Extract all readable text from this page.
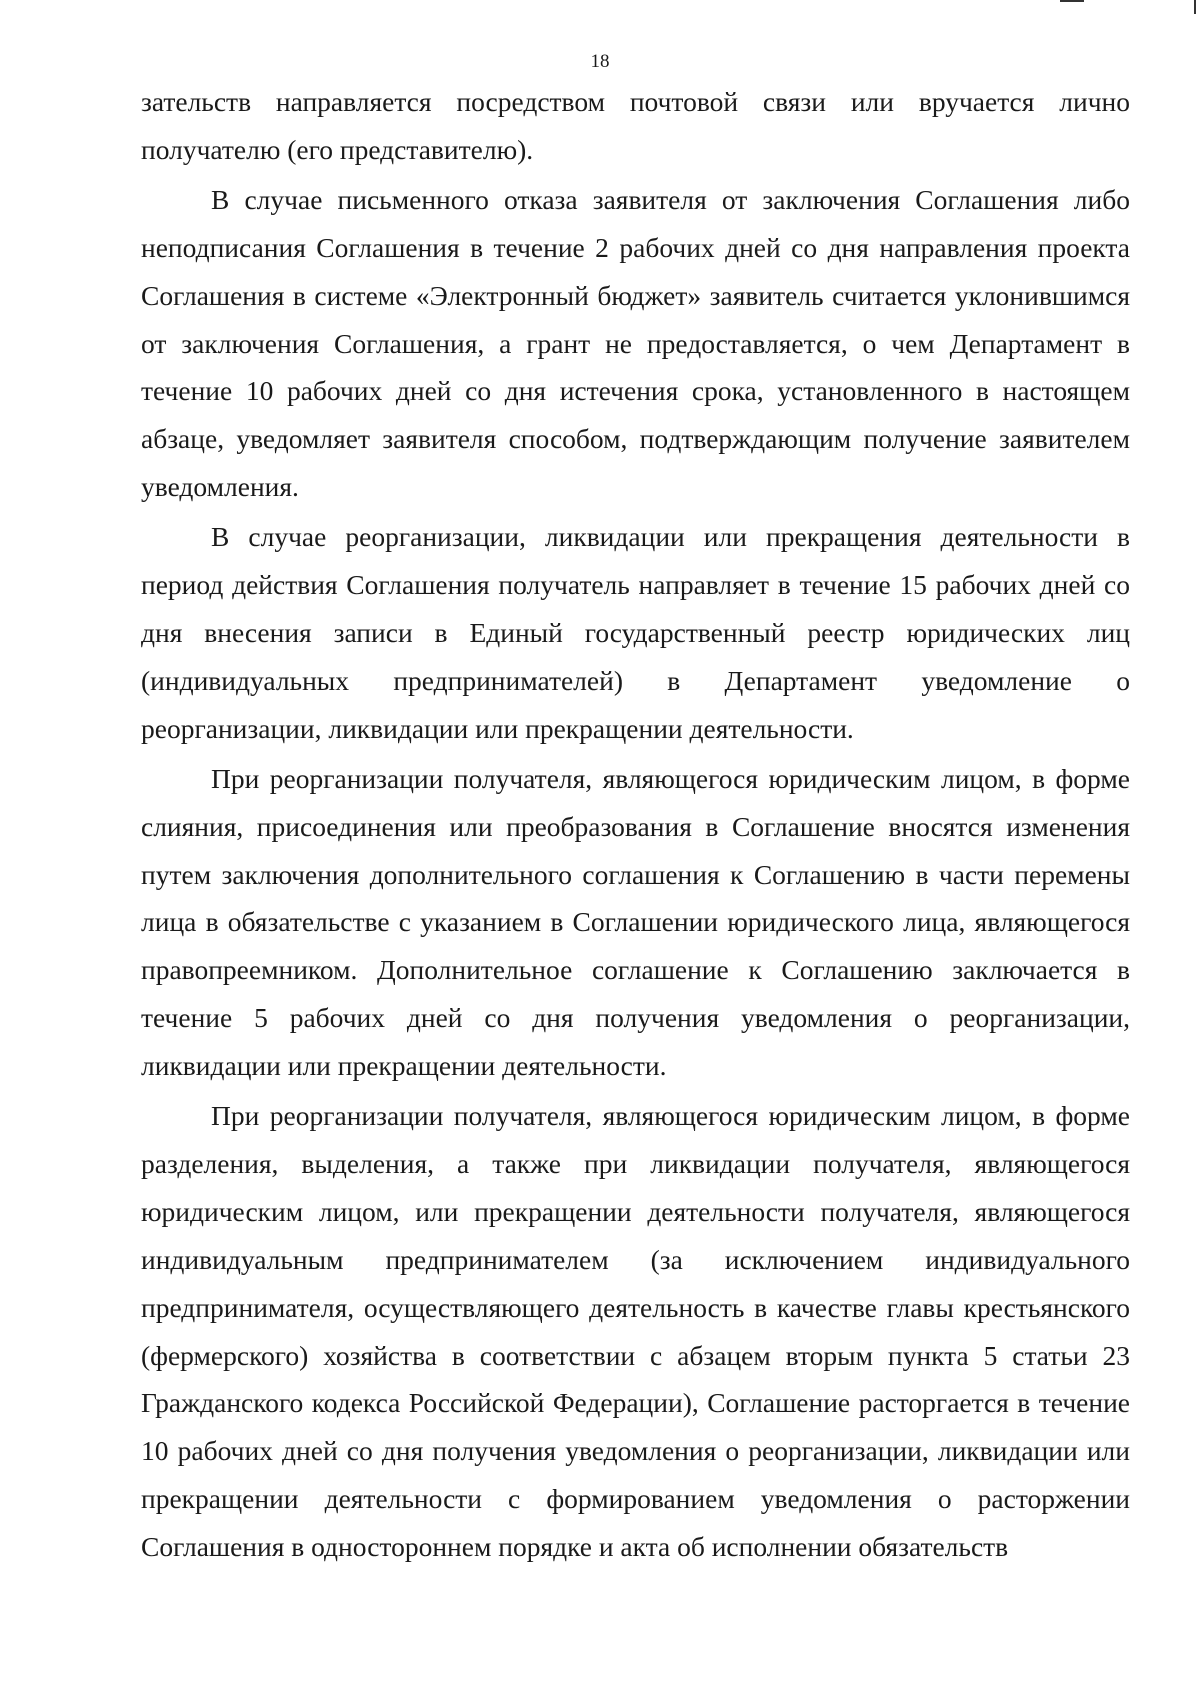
18

зательств направляется посредством почтовой связи или вручается лично получателю (его представителю).

В случае письменного отказа заявителя от заключения Соглашения либо неподписания Соглашения в течение 2 рабочих дней со дня направления проекта Соглашения в системе «Электронный бюджет» заявитель считается уклонившимся от заключения Соглашения, а грант не предоставляется, о чем Департамент в течение 10 рабочих дней со дня истечения срока, установленного в настоящем абзаце, уведомляет заявителя способом, подтверждающим получение заявителем уведомления.

В случае реорганизации, ликвидации или прекращения деятельности в период действия Соглашения получатель направляет в течение 15 рабочих дней со дня внесения записи в Единый государственный реестр юридических лиц (индивидуальных предпринимателей) в Департамент уведомление о реорганизации, ликвидации или прекращении деятельности.

При реорганизации получателя, являющегося юридическим лицом, в форме слияния, присоединения или преобразования в Соглашение вносятся изменения путем заключения дополнительного соглашения к Соглашению в части перемены лица в обязательстве с указанием в Соглашении юридического лица, являющегося правопреемником. Дополнительное соглашение к Соглашению заключается в течение 5 рабочих дней со дня получения уведомления о реорганизации, ликвидации или прекращении деятельности.

При реорганизации получателя, являющегося юридическим лицом, в форме разделения, выделения, а также при ликвидации получателя, являющегося юридическим лицом, или прекращении деятельности получателя, являющегося индивидуальным предпринимателем (за исключением индивидуального предпринимателя, осуществляющего деятельность в качестве главы крестьянского (фермерского) хозяйства в соответствии с абзацем вторым пункта 5 статьи 23 Гражданского кодекса Российской Федерации), Соглашение расторгается в течение 10 рабочих дней со дня получения уведомления о реорганизации, ликвидации или прекращении деятельности с формированием уведомления о расторжении Соглашения в одностороннем порядке и акта об исполнении обязательств
